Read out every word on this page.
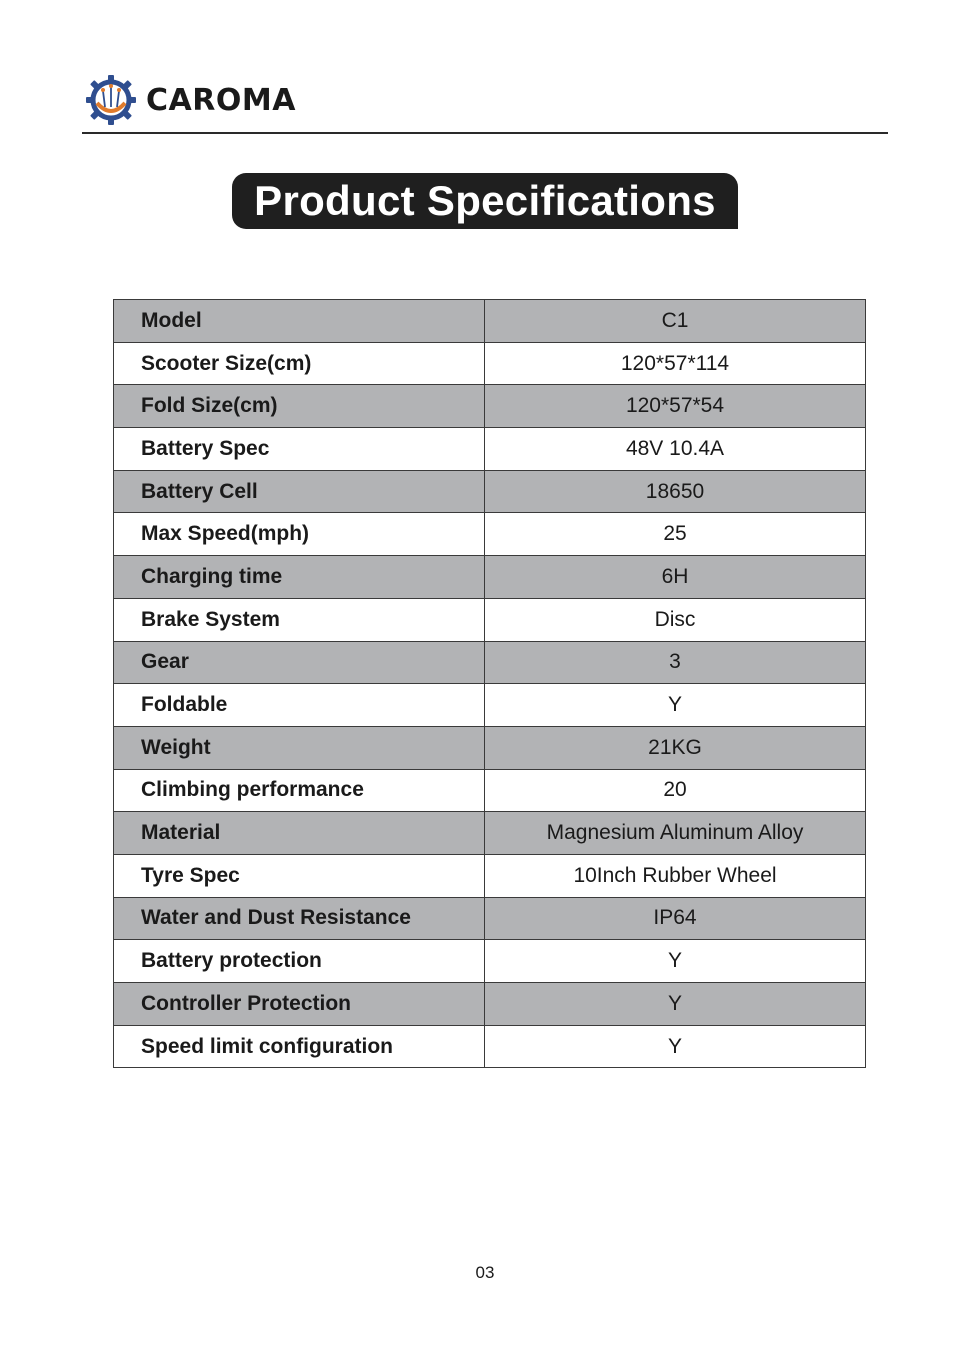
CAROMA
Product Specifications
Model	C1
Scooter Size(cm)	120*57*114
Fold Size(cm)	120*57*54
Battery Spec	48V 10.4A
Battery Cell	18650
Max Speed(mph)	25
Charging time	6H
Brake System	Disc
Gear	3
Foldable	Y
Weight	21KG
Climbing performance	20
Material	Magnesium Aluminum Alloy
Tyre Spec	10Inch Rubber Wheel
Water and Dust Resistance	IP64
Battery protection	Y
Controller Protection	Y
Speed limit configuration	Y
03
